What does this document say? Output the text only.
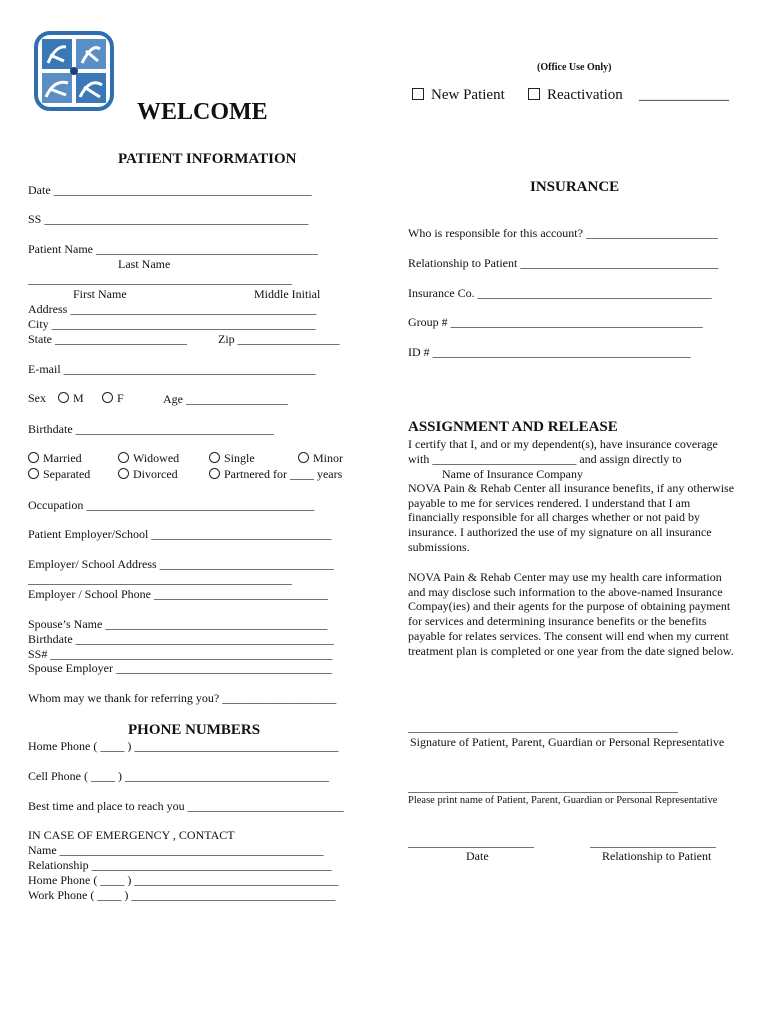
(Office Use Only)
New Patient	Reactivation ____________
WELCOME
PATIENT INFORMATION
Date ___________________________________________
SS ____________________________________________
Patient Name _____________________________________
Last Name
____________________________________________
First Name	Middle Initial
Address _________________________________________
City ____________________________________________
State ______________________	Zip _________________
E-mail __________________________________________
Sex	M	F	Age _________________
Birthdate _________________________________
Married	Widowed	Single	Minor
Separated	Divorced	Partnered for ____ years
Occupation ______________________________________
Patient Employer/School ______________________________
Employer/ School Address _____________________________
____________________________________________
Employer / School Phone _____________________________
Spouse’s Name _____________________________________
Birthdate ___________________________________________
SS# _______________________________________________
Spouse Employer ____________________________________
Whom may we thank for referring you? ___________________
PHONE NUMBERS
Home Phone ( ____ ) __________________________________
Cell Phone ( ____ ) __________________________________
Best time and place to reach you __________________________
IN CASE OF EMERGENCY , CONTACT
Name ____________________________________________
Relationship ________________________________________
Home Phone ( ____ ) __________________________________
Work Phone ( ____ ) __________________________________
INSURANCE
Who is responsible for this account? ______________________
Relationship to Patient _________________________________
Insurance Co. _______________________________________
Group # __________________________________________
ID # ___________________________________________
ASSIGNMENT AND RELEASE
I certify that I, and or my dependent(s), have insurance coverage
with ________________________ and assign directly to
Name of Insurance Company
NOVA Pain & Rehab Center all insurance benefits, if any otherwise payable to me for services rendered. I understand that I am financially responsible for all charges whether or not paid by insurance. I authorized the use of my signature on all insurance submissions.
NOVA Pain & Rehab Center may use my health care information and may disclose such information to the above-named Insurance Compay(ies) and their agents for the purpose of obtaining payment for services and determining insurance benefits or the benefits payable for relates services. The consent will end when my current treatment plan is completed or one year from the date signed below.
_____________________________________________
Signature of Patient, Parent, Guardian or Personal Representative
_____________________________________________
Please print name of Patient, Parent, Guardian or Personal Representative
_____________________
Date
_____________________
Relationship to Patient
